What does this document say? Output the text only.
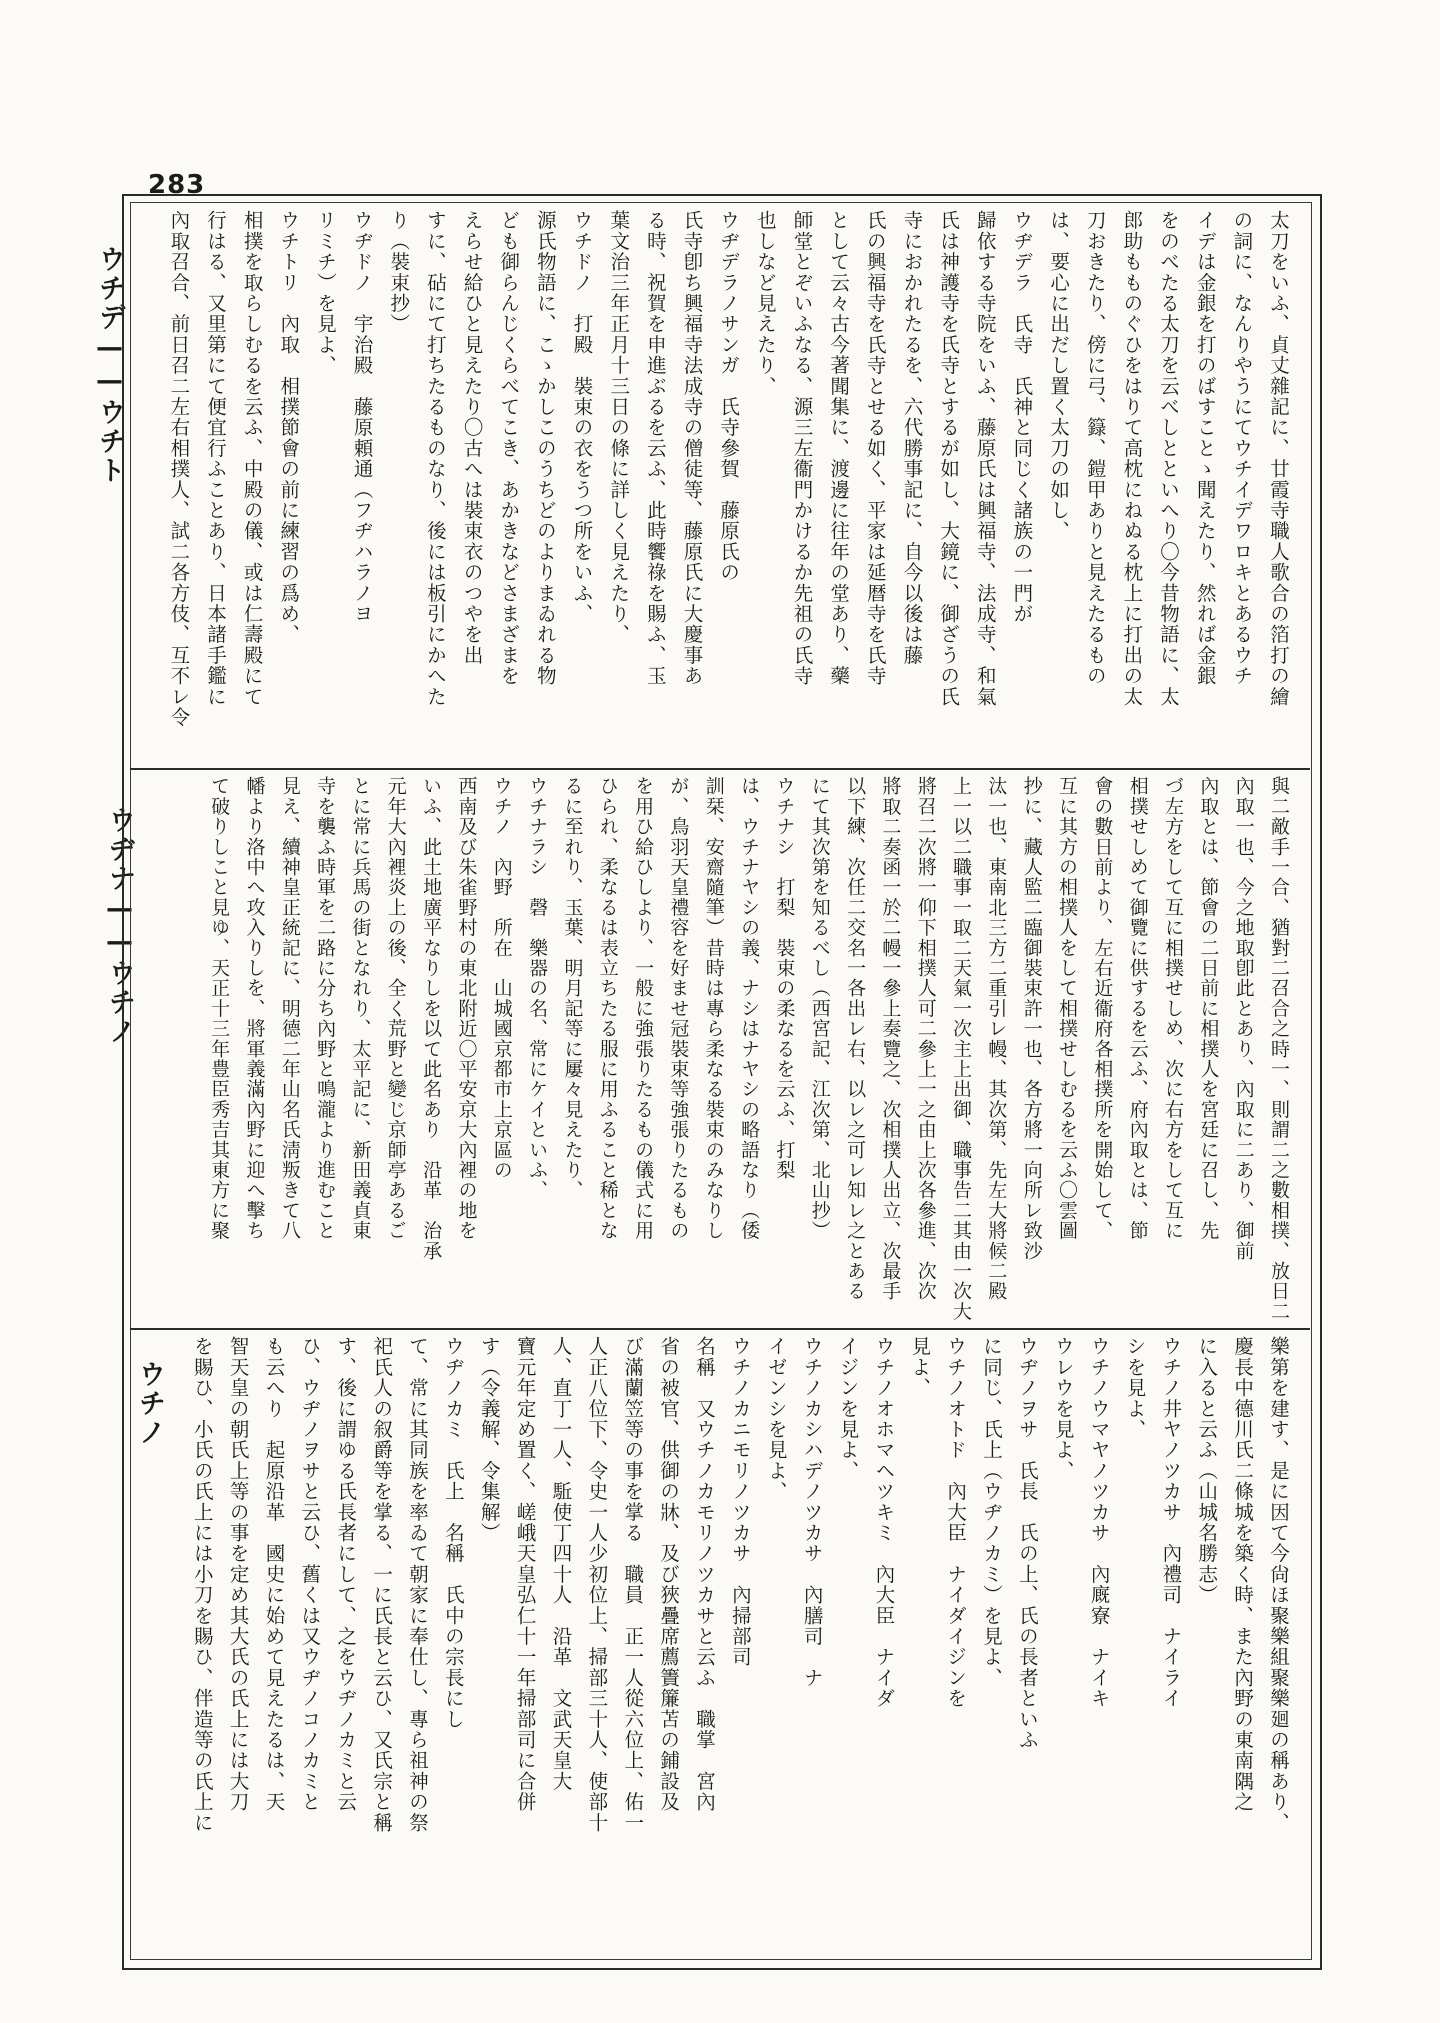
283
ウチデ——ウチト
ウヂナ——ウチノ
ウチノ
太刀をいふ、貞丈雜記に、廿霞寺職人歌合の箔打の繪
の詞に、なんりやうにてウチイデワロキとあるウチ
イデは金銀を打のばすことゝ聞えたり、然れば金銀
をのべたる太刀を云べしとといへり〇今昔物語に、太
郎助もものぐひをはりて高枕にねぬる枕上に打出の太
刀おきたり、傍に弓、籙、鎧甲ありと見えたるもの
は、要心に出だし置く太刀の如し、
ウヂデラ　氏寺　氏神と同じく諸族の一門が
歸依する寺院をいふ、藤原氏は興福寺、法成寺、和氣
氏は神護寺を氏寺とするが如し、大鏡に、御ざうの氏
寺におかれたるを、六代勝事記に、自今以後は藤
氏の興福寺を氏寺とせる如く、平家は延暦寺を氏寺
として云々古今著聞集に、渡邊に往年の堂あり、藥
師堂とぞいふなる、源三左衞門かけるか先祖の氏寺
也しなど見えたり、
ウヂデラノサンガ　氏寺參賀　藤原氏の
氏寺卽ち興福寺法成寺の僧徒等、藤原氏に大慶事あ
る時、祝賀を申進ぶるを云ふ、此時饗祿を賜ふ、玉
葉文治三年正月十三日の條に詳しく見えたり、
ウチドノ　打殿　裝束の衣をうつ所をいふ、
源氏物語に、こゝかしこのうちどのよりまゐれる物
ども御らんじくらべてこき、あかきなどさまざまを
えらせ給ひと見えたり〇古へは裝束衣のつやを出
すに、砧にて打ちたるものなり、後には板引にかへた
り（裝束抄）
ウヂドノ　宇治殿　藤原頼通（フヂハラノヨ
リミチ）を見よ、
ウチトリ　內取　相撲節會の前に練習の爲め、
相撲を取らしむるを云ふ、中殿の儀、或は仁壽殿にて
行はる、又里第にて便宜行ふことあり、日本諸手鑑に
內取召合、前日召二左右相撲人、試二各方伎、互不レ令
與二敵手一合、猶對二召合之時一、則謂二之數相撲、放日二
內取一也、今之地取卽此とあり、內取に二あり、御前
內取とは、節會の二日前に相撲人を宮廷に召し、先
づ左方をして互に相撲せしめ、次に右方をして互に
相撲せしめて御覽に供するを云ふ、府內取とは、節
會の數日前より、左右近衞府各相撲所を開始して、
互に其方の相撲人をして相撲せしむるを云ふ〇雲圖
抄に、藏人監二臨御裝束許一也、各方將一向所レ致沙
汰一也、東南北三方二重引レ幔、其次第、先左大將候二殿
上一以二職事一取二天氣一次主上出御、職事告二其由一次大
將召二次將一仰下相撲人可二參上一之由上次各參進、次次
將取二奏函一於二幔一參上奏覽之、次相撲人出立、次最手
以下練、次任二交名一各出レ右、以レ之可レ知レ之とある
にて其次第を知るべし（西宮記、江次第、北山抄）
ウチナシ　打梨　裝束の柔なるを云ふ、打梨
は、ウチナヤシの義、ナシはナヤシの略語なり（倭
訓栞、安齋隨筆）昔時は專ら柔なる裝束のみなりし
が、鳥羽天皇禮容を好ませ冠裝束等強張りたるもの
を用ひ給ひしより、一般に強張りたるもの儀式に用
ひられ、柔なるは表立ちたる服に用ふること稀とな
るに至れり、玉葉、明月記等に屢々見えたり、
ウチナラシ　磬　樂器の名、常にケイといふ、
ウチノ　內野　所在　山城國京都市上京區の
西南及び朱雀野村の東北附近〇平安京大內裡の地を
いふ、此土地廣平なりしを以て此名あり　沿革　治承
元年大內裡炎上の後、全く荒野と變じ京師亭あるご
とに常に兵馬の街となれり、太平記に、新田義貞東
寺を襲ふ時軍を二路に分ち內野と鳴瀧より進むこと
見え、續神皇正統記に、明德二年山名氏淸叛きて八
幡より洛中へ攻入りしを、將軍義滿內野に迎へ擊ち
て破りしこと見ゆ、天正十三年豊臣秀吉其東方に聚
樂第を建す、是に因て今尙ほ聚樂組聚樂廻の稱あり、
慶長中德川氏二條城を築く時、また內野の東南隅之
に入ると云ふ（山城名勝志）
ウチノ井ヤノツカサ　內禮司　ナイライ
シを見よ、
ウチノウマヤノツカサ　內廐寮　ナイキ
ウレウを見よ、
ウヂノヲサ　氏長　氏の上、氏の長者といふ
に同じ、氏上（ウヂノカミ）を見よ、
ウチノオトド　內大臣　ナイダイジンを
見よ、
ウチノオホマヘツキミ　內大臣　ナイダ
イジンを見よ、
ウチノカシハデノツカサ　內膳司　ナ
イゼンシを見よ、
ウチノカニモリノツカサ　內掃部司
名稱　又ウチノカモリノツカサと云ふ　職掌　宮內
省の被官、供御の牀、及び狹疊席薦簀簾苫の鋪設及
び滿蘭笠等の事を掌る　職員　正一人從六位上、佑一
人正八位下、令史一人少初位上、掃部三十人、使部十
人、直丁一人、駈使丁四十人　沿革　文武天皇大
寶元年定め置く、嵯峨天皇弘仁十一年掃部司に合併
す（令義解、令集解）
ウヂノカミ　氏上　名稱　氏中の宗長にし
て、常に其同族を率ゐて朝家に奉仕し、專ら祖神の祭
祀氏人の叙爵等を掌る、一に氏長と云ひ、又氏宗と稱
す、後に謂ゆる氏長者にして、之をウヂノカミと云
ひ、ウヂノヲサと云ひ、舊くは又ウヂノコノカミと
も云へり　起原沿革　國史に始めて見えたるは、天
智天皇の朝氏上等の事を定め其大氏の氏上には大刀
を賜ひ、小氏の氏上には小刀を賜ひ、伴造等の氏上に
